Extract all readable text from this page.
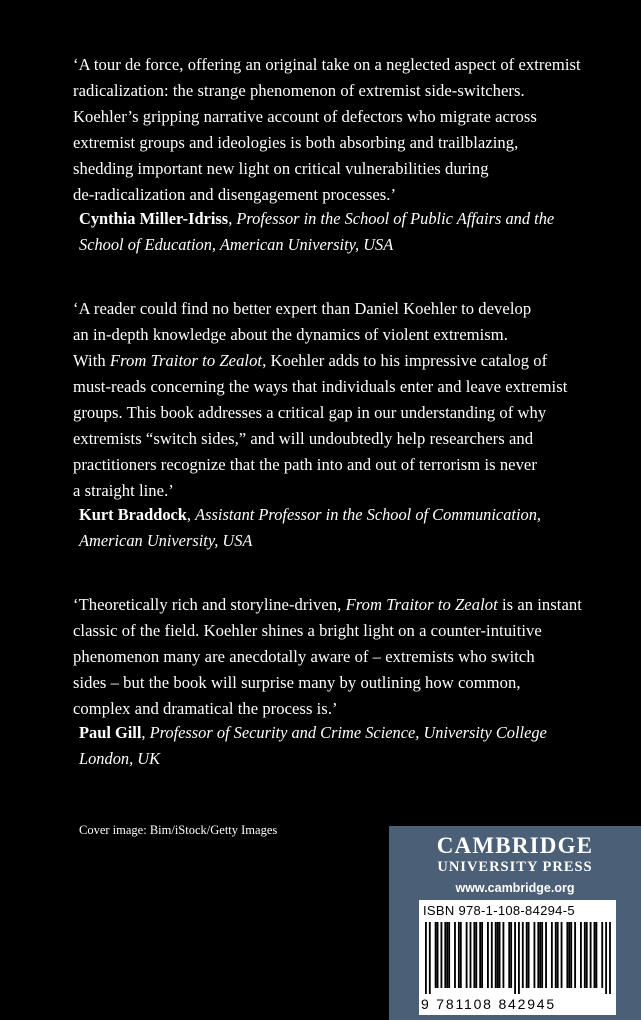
‘A tour de force, offering an original take on a neglected aspect of extremist
radicalization: the strange phenomenon of extremist side-switchers.
Koehler’s gripping narrative account of defectors who migrate across
extremist groups and ideologies is both absorbing and trailblazing,
shedding important new light on critical vulnerabilities during
de-radicalization and disengagement processes.’

Cynthia Miller-Idriss, Professor in the School of Public Affairs and the
School of Education, American University, USA

‘A reader could find no better expert than Daniel Koehler to develop
an in-depth knowledge about the dynamics of violent extremism.
With From Traitor to Zealot, Koehler adds to his impressive catalog of
must-reads concerning the ways that individuals enter and leave extremist
groups. This book addresses a critical gap in our understanding of why
extremists “switch sides,” and will undoubtedly help researchers and
practitioners recognize that the path into and out of terrorism is never
a straight line.’

Kurt Braddock, Assistant Professor in the School of Communication,
American University, USA

‘Theoretically rich and storyline-driven, From Traitor to Zealot is an instant
classic of the field. Koehler shines a bright light on a counter-intuitive
phenomenon many are anecdotally aware of – extremists who switch
sides – but the book will surprise many by outlining how common,
complex and dramatical the process is.’

Paul Gill, Professor of Security and Crime Science, University College
London, UK

Cover image: Bim/iStock/Getty Images
CAMBRIDGE
UNIVERSITY PRESS
www.cambridge.org
ISBN 978-1-108-84294-5
9 781108 842945
